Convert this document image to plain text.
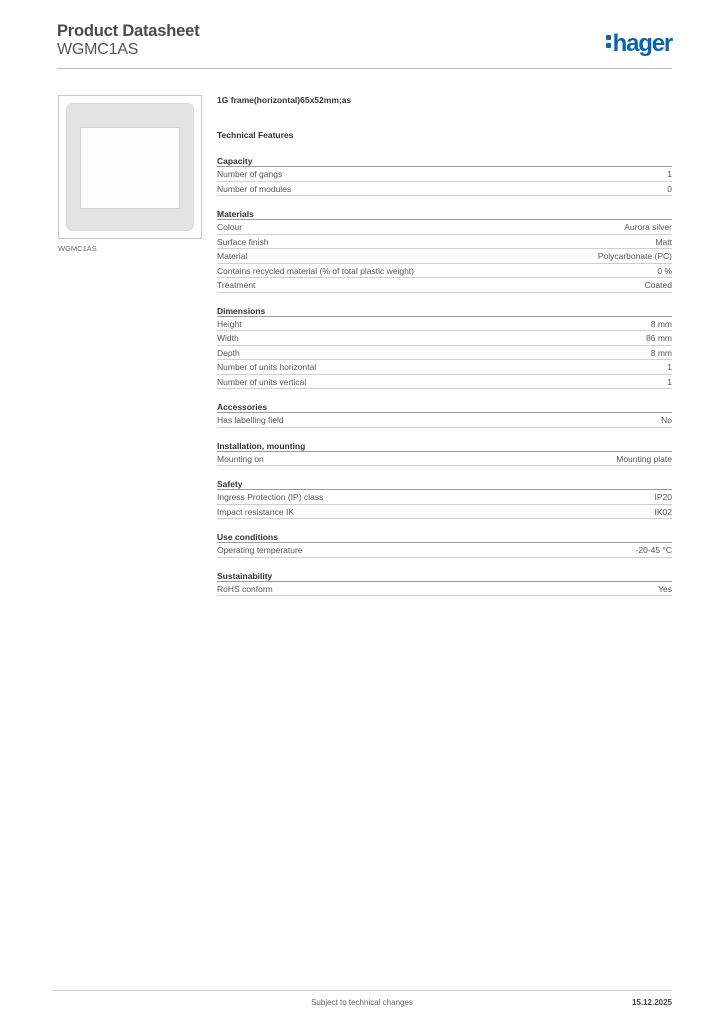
Product Datasheet
WGMC1AS	hager
WGMC1AS
1G frame(horizontal)65x52mm;as
Technical Features
Capacity
Number of gangs	1
Number of modules	0
Materials
Colour	Aurora silver
Surface finish	Matt
Material	Polycarbonate (PC)
Contains recycled material (% of total plastic weight)	0 %
Treatment	Coated
Dimensions
Height	8 mm
Width	86 mm
Depth	8 mm
Number of units horizontal	1
Number of units vertical	1
Accessories
Has labelling field	No
Installation, mounting
Mounting on	Mounting plate
Safety
Ingress Protection (IP) class	IP20
Impact resistance IK	IK02
Use conditions
Operating temperature	-20-45 °C
Sustainability
RoHS conform	Yes
Subject to technical changes	15.12.2025
